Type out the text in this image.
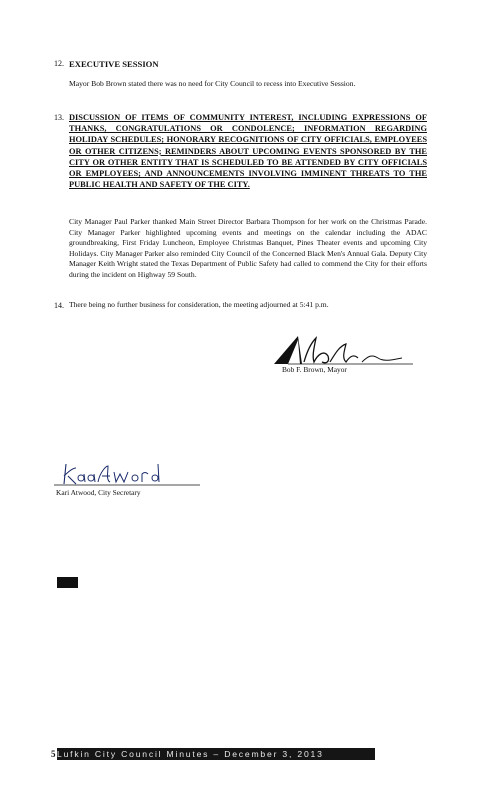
12. EXECUTIVE SESSION
Mayor Bob Brown stated there was no need for City Council to recess into Executive Session.
13. DISCUSSION OF ITEMS OF COMMUNITY INTEREST, INCLUDING EXPRESSIONS OF THANKS, CONGRATULATIONS OR CONDOLENCE; INFORMATION REGARDING HOLIDAY SCHEDULES; HONORARY RECOGNITIONS OF CITY OFFICIALS, EMPLOYEES OR OTHER CITIZENS; REMINDERS ABOUT UPCOMING EVENTS SPONSORED BY THE CITY OR OTHER ENTITY THAT IS SCHEDULED TO BE ATTENDED BY CITY OFFICIALS OR EMPLOYEES; AND ANNOUNCEMENTS INVOLVING IMMINENT THREATS TO THE PUBLIC HEALTH AND SAFETY OF THE CITY.
City Manager Paul Parker thanked Main Street Director Barbara Thompson for her work on the Christmas Parade. City Manager Parker highlighted upcoming events and meetings on the calendar including the ADAC groundbreaking, First Friday Luncheon, Employee Christmas Banquet, Pines Theater events and upcoming City Holidays. City Manager Parker also reminded City Council of the Concerned Black Men's Annual Gala. Deputy City Manager Keith Wright stated the Texas Department of Public Safety had called to commend the City for their efforts during the incident on Highway 59 South.
14. There being no further business for consideration, the meeting adjourned at 5:41 p.m.
Bob F. Brown, Mayor
Kari Atwood, City Secretary
5 Lufkin City Council Minutes – December 3, 2013
